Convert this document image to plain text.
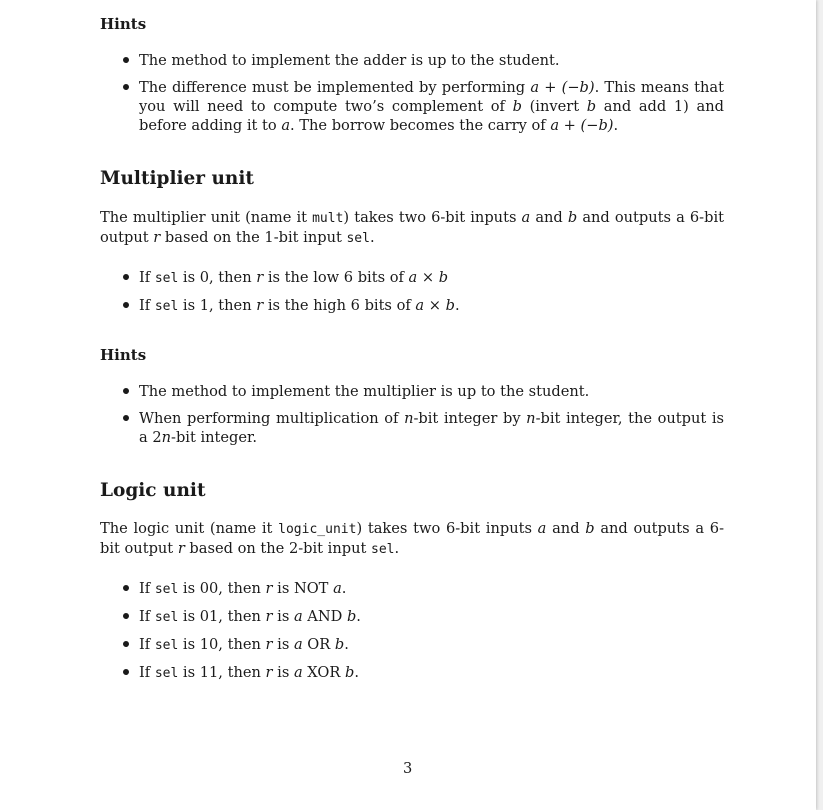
Hints
The method to implement the adder is up to the student.
The difference must be implemented by performing a + (−b). This means that you will need to compute two’s complement of b (invert b and add 1) and before adding it to a. The borrow becomes the carry of a + (−b).
Multiplier unit
The multiplier unit (name it mult) takes two 6-bit inputs a and b and outputs a 6-bit output r based on the 1-bit input sel.
If sel is 0, then r is the low 6 bits of a × b
If sel is 1, then r is the high 6 bits of a × b.
Hints
The method to implement the multiplier is up to the student.
When performing multiplication of n-bit integer by n-bit integer, the output is a 2n-bit integer.
Logic unit
The logic unit (name it logic_unit) takes two 6-bit inputs a and b and outputs a 6-bit output r based on the 2-bit input sel.
If sel is 00, then r is NOT a.
If sel is 01, then r is a AND b.
If sel is 10, then r is a OR b.
If sel is 11, then r is a XOR b.
3
